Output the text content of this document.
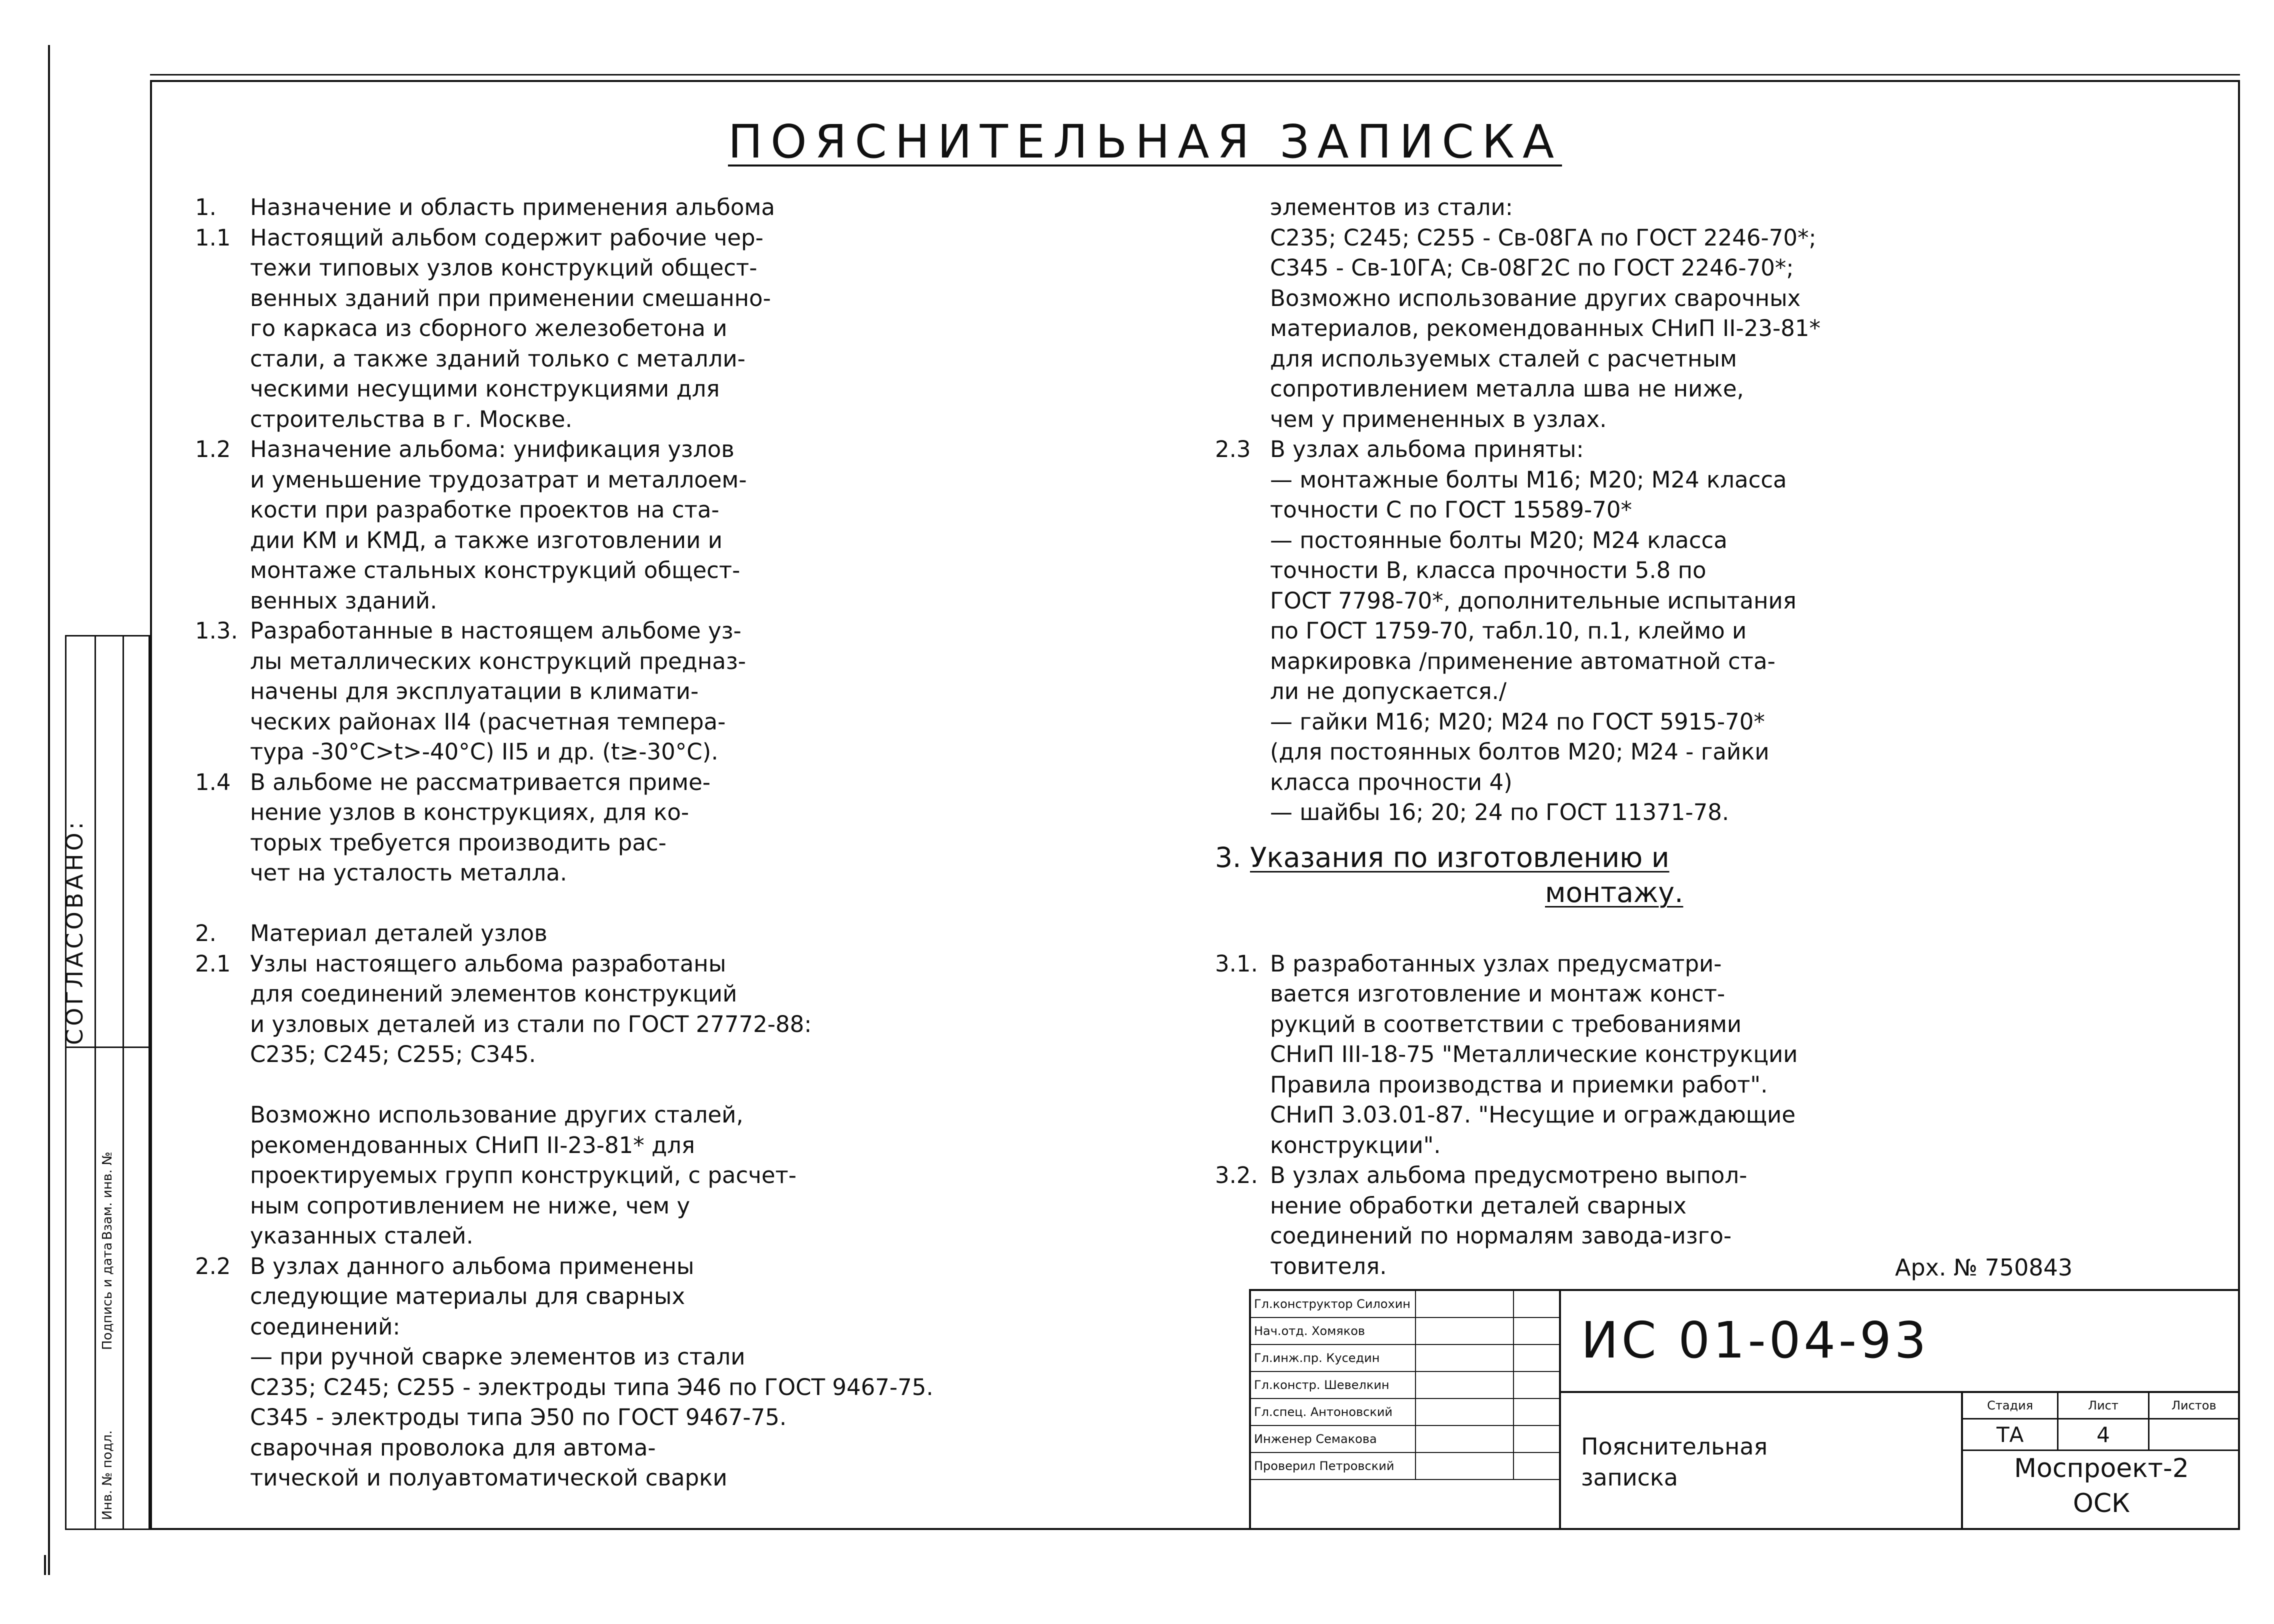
СОГЛАСОВАНО:
Взам. инв. №
Подпись и дата
Инв. № подл.
ПОЯСНИТЕЛЬНАЯ ЗАПИСКА
1.	Назначение и область применения альбома
1.1 Настоящий альбом содержит рабочие чер-
тежи типовых узлов конструкций общест-
венных зданий при применении смешанно-
го каркаса из сборного железобетона и
стали, а также зданий только с металли-
ческими несущими конструкциями для
строительства в г. Москве.
1.2 Назначение альбома: унификация узлов
и уменьшение трудозатрат и металлоем-
кости при разработке проектов на ста-
дии КМ и КМД, а также изготовлении и
монтаже стальных конструкций общест-
венных зданий.
1.3. Разработанные в настоящем альбоме уз-
лы металлических конструкций предназ-
начены для эксплуатации в климати-
ческих районах II4 (расчетная темпера-
тура -30°C>t>-40°C) II5 и др. (t≥-30°C).
1.4 В альбоме не рассматривается приме-
нение узлов в конструкциях, для ко-
торых требуется производить рас-
чет на усталость металла.

2.	Материал деталей узлов
2.1 Узлы настоящего альбома разработаны
для соединений элементов конструкций
и узловых деталей из стали по ГОСТ 27772-88:
С235; С245; С255; С345.

Возможно использование других сталей,
рекомендованных СНиП II-23-81* для
проектируемых групп конструкций, с расчет-
ным сопротивлением не ниже, чем у
указанных сталей.
2.2 В узлах данного альбома применены
следующие материалы для сварных
соединений:
— при ручной сварке элементов из стали
С235; С245; С255 - электроды типа Э46 по ГОСТ 9467-75.
С345 - электроды типа Э50 по ГОСТ 9467-75.
сварочная проволока для автома-
тической и полуавтоматической сварки
элементов из стали:
С235; С245; С255 - Св-08ГА по ГОСТ 2246-70*;
С345 - Св-10ГА; Св-08Г2С по ГОСТ 2246-70*;
Возможно использование других сварочных
материалов, рекомендованных СНиП II-23-81*
для используемых сталей с расчетным
сопротивлением металла шва не ниже,
чем у примененных в узлах.
2.3 В узлах альбома приняты:
— монтажные болты М16; М20; М24 класса
точности С по ГОСТ 15589-70*
— постоянные болты М20; М24 класса
точности В, класса прочности 5.8 по
ГОСТ 7798-70*, дополнительные испытания
по ГОСТ 1759-70, табл.10, п.1, клеймо и
маркировка /применение автоматной ста-
ли не допускается./
— гайки М16; М20; М24 по ГОСТ 5915-70*
(для постоянных болтов М20; М24 - гайки
класса прочности 4)
— шайбы 16; 20; 24 по ГОСТ 11371-78.

3.1. В разработанных узлах предусматри-
вается изготовление и монтаж конст-
рукций в соответствии с требованиями
СНиП III-18-75 "Металлические конструкции
Правила производства и приемки работ".
СНиП 3.03.01-87. "Несущие и ограждающие
конструкции".
3.2. В узлах альбома предусмотрено выпол-
нение обработки деталей сварных
соединений по нормалям завода-изго-
товителя.
3. Указания по изготовлению и
монтажу.
Арх. № 750843
Гл.конструктор Силохин
Нач.отд. Хомяков
Гл.инж.пр. Куседин
Гл.констр. Шевелкин
Гл.спец. Антоновский
Инженер Семакова
Проверил Петровский
ИС 01-04-93
Пояснительная
записка
Стадия	Лист	Листов
ТА	4
Моспроект-2
ОСК
